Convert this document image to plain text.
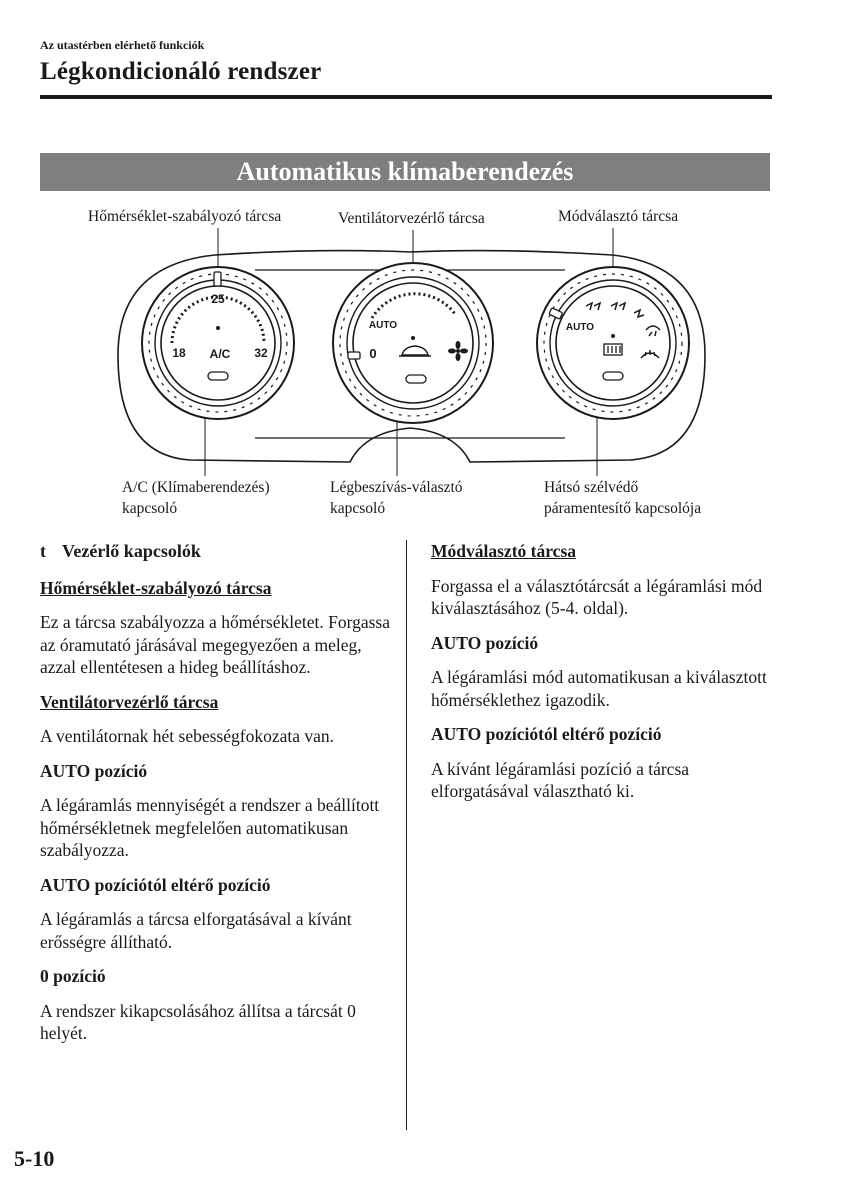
Az utastérben elérhető funkciók
Légkondicionáló rendszer
Automatikus klímaberendezés
Hőmérséklet-szabályozó tárcsa	Ventilátorvezérlő tárcsa	Módválasztó tárcsa
A/C (Klímaberendezés)
kapcsoló
Légbeszívás-választó
kapcsoló
Hátsó szélvédő
páramentesítő kapcsolója
25
18	32
A/C
AUTO
0
AUTO

t Vezérlő kapcsolók

Hőmérséklet-szabályozó tárcsa

Ez a tárcsa szabályozza a hőmérsékletet. Forgassa az óramutató járásával megegyezően a meleg, azzal ellentétesen a hideg beállításhoz.

Ventilátorvezérlő tárcsa

A ventilátornak hét sebességfokozata van.

AUTO pozíció

A légáramlás mennyiségét a rendszer a beállított hőmérsékletnek megfelelően automatikusan szabályozza.

AUTO pozíciótól eltérő pozíció

A légáramlás a tárcsa elforgatásával a kívánt erősségre állítható.

0 pozíció

A rendszer kikapcsolásához állítsa a tárcsát 0 helyét.

Módválasztó tárcsa

Forgassa el a választótárcsát a légáramlási mód kiválasztásához (5-4. oldal).

AUTO pozíció

A légáramlási mód automatikusan a kiválasztott hőmérséklethez igazodik.

AUTO pozíciótól eltérő pozíció

A kívánt légáramlási pozíció a tárcsa elforgatásával választható ki.

5-10
